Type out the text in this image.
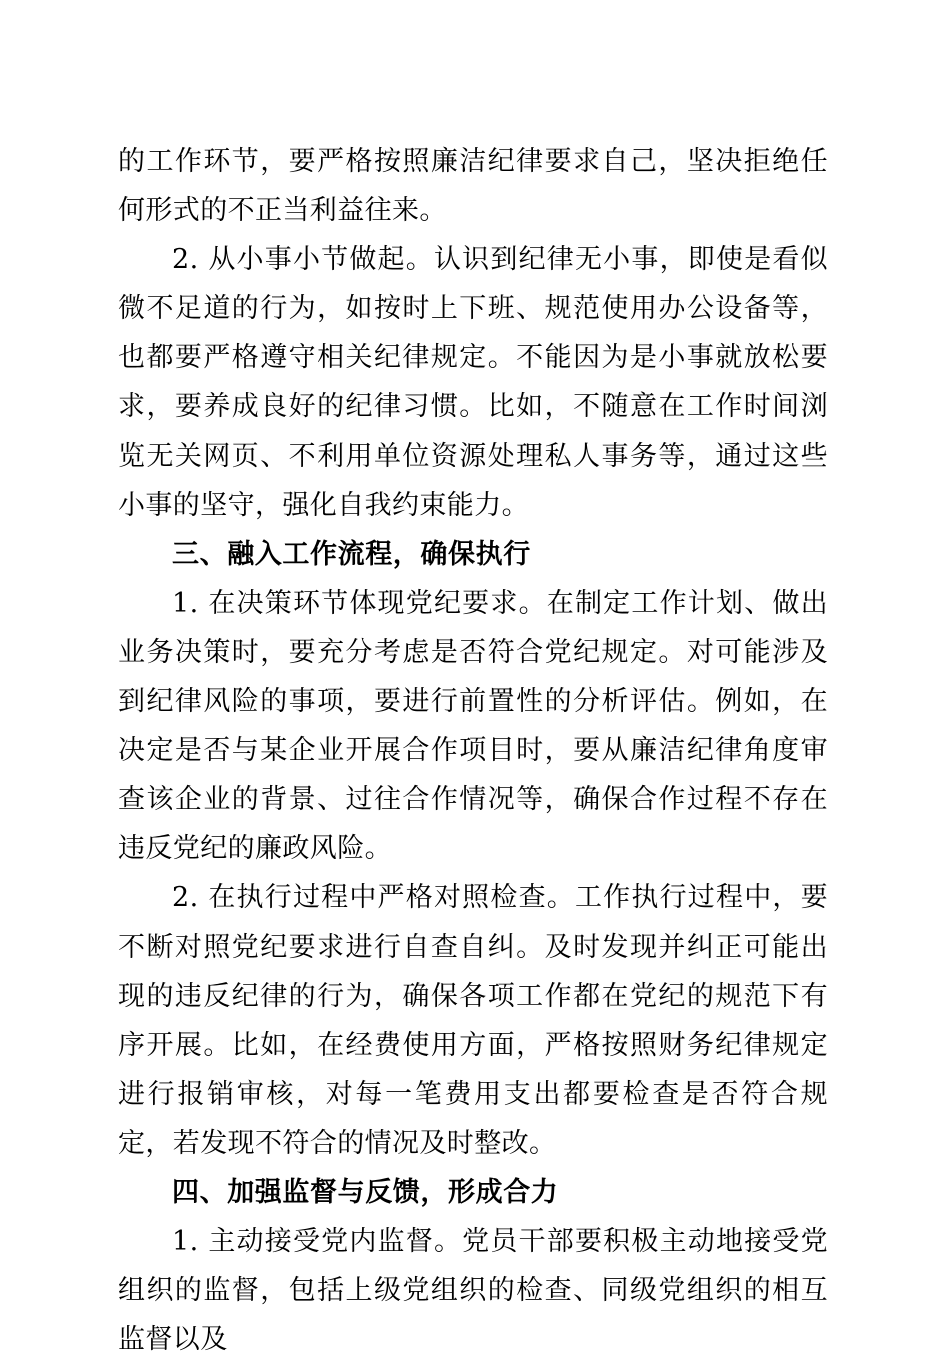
的工作环节，要严格按照廉洁纪律要求自己，坚决拒绝任何形式的不正当利益往来。

2. 从小事小节做起。认识到纪律无小事，即使是看似微不足道的行为，如按时上下班、规范使用办公设备等，也都要严格遵守相关纪律规定。不能因为是小事就放松要求，要养成良好的纪律习惯。比如，不随意在工作时间浏览无关网页、不利用单位资源处理私人事务等，通过这些小事的坚守，强化自我约束能力。

三、融入工作流程，确保执行

1. 在决策环节体现党纪要求。在制定工作计划、做出业务决策时，要充分考虑是否符合党纪规定。对可能涉及到纪律风险的事项，要进行前置性的分析评估。例如，在决定是否与某企业开展合作项目时，要从廉洁纪律角度审查该企业的背景、过往合作情况等，确保合作过程不存在违反党纪的廉政风险。

2. 在执行过程中严格对照检查。工作执行过程中，要不断对照党纪要求进行自查自纠。及时发现并纠正可能出现的违反纪律的行为，确保各项工作都在党纪的规范下有序开展。比如，在经费使用方面，严格按照财务纪律规定进行报销审核，对每一笔费用支出都要检查是否符合规定，若发现不符合的情况及时整改。

四、加强监督与反馈，形成合力

1. 主动接受党内监督。党员干部要积极主动地接受党组织的监督，包括上级党组织的检查、同级党组织的相互监督以及
